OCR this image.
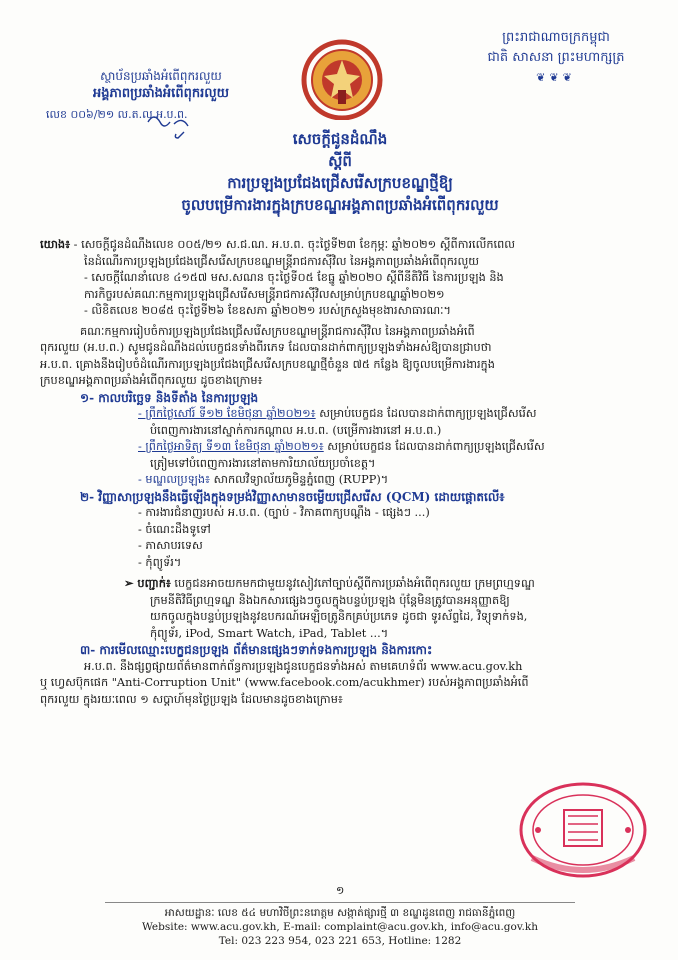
ព្រះរាជាណាចក្រកម្ពុជា
ជាតិ សាសនា ព្រះមហាក្សត្រ
❦❦❦
ស្ថាប័នប្រឆាំងអំពើពុករលួយ
អង្គភាពប្រឆាំងអំពើពុករលួយ
លេខ ០០៦/២១ ល.ត.ល.អ.ប.ព.
សេចក្ដីជូនដំណឹង
ស្ដីពី
ការប្រឡងប្រជែងជ្រើសរើសក្របខណ្ឌថ្មីឱ្យ
ចូលបម្រើការងារក្នុងក្របខណ្ឌអង្គភាពប្រឆាំងអំពើពុករលួយ

យោង៖ - សេចក្ដីជូនដំណឹងលេខ ០០៥/២១ ស.ជ.ណ. អ.ប.ព. ចុះថ្ងៃទី២៣ ខែកុម្ភៈ ឆ្នាំ២០២១ ស្ដីពីការលើកពេល

នៃដំណើរការប្រឡងប្រជែងជ្រើសរើសក្របខណ្ឌមន្ត្រីរាជការស៊ីវិល នៃអង្គភាពប្រឆាំងអំពើពុករលួយ

- សេចក្ដីណែនាំលេខ ៤១៥៧ មស.សណន ចុះថ្ងៃទី០៥ ខែធ្នូ ឆ្នាំ២០២០ ស្ដីពីនីតិវិធី នៃការប្រឡង និង

ការកិច្ចរបស់គណៈកម្មការប្រឡងជ្រើសរើសមន្ត្រីរាជការស៊ីវិលសម្រាប់ក្របខណ្ឌឆ្នាំ២០២១

- លិខិតលេខ ២០៨៥ ចុះថ្ងៃទី២៦ ខែឧសភា ឆ្នាំ២០២១ របស់ក្រសួងមុខងារសាធារណៈ។

គណៈកម្មការរៀបចំការប្រឡងប្រជែងជ្រើសរើសក្របខណ្ឌមន្ត្រីរាជការស៊ីវិល នៃអង្គភាពប្រឆាំងអំពើ

ពុករលួយ (អ.ប.ព.) សូមជូនដំណឹងដល់បេក្ខជនទាំងពីរភេទ ដែលបានដាក់ពាក្យប្រឡងទាំងអស់ឱ្យបានជ្រាបថា

អ.ប.ព. គ្រោងនឹងរៀបចំដំណើរការប្រឡងប្រជែងជ្រើសរើសក្របខណ្ឌថ្មីចំនួន ៧៥ កន្លែង ឱ្យចូលបម្រើការងារក្នុង

ក្របខណ្ឌអង្គភាពប្រឆាំងអំពើពុករលួយ ដូចខាងក្រោម៖

១- កាលបរិច្ឆេទ និងទីតាំង នៃការប្រឡង

- ព្រឹកថ្ងៃសៅរ៍ ទី១២ ខែមិថុនា ឆ្នាំ២០២១៖ សម្រាប់បេក្ខជន ដែលបានដាក់ពាក្យប្រឡងជ្រើសរើស

បំពេញការងារនៅស្នាក់ការកណ្ដាល អ.ប.ព. (បម្រើការងារនៅ អ.ប.ព.)

- ព្រឹកថ្ងៃអាទិត្យ ទី១៣ ខែមិថុនា ឆ្នាំ២០២១៖ សម្រាប់បេក្ខជន ដែលបានដាក់ពាក្យប្រឡងជ្រើសរើស

ត្រៀមទៅបំពេញការងារនៅតាមការិយាល័យប្រចាំខេត្ត។

- មណ្ឌលប្រឡង៖ សាកលវិទ្យាល័យភូមិន្ទភ្នំពេញ (RUPP)។

២- វិញ្ញាសាប្រឡងនឹងធ្វើឡើងក្នុងទម្រង់វិញ្ញាសាមានចម្លើយជ្រើសរើស (QCM) ដោយផ្ដោតលើ៖

- ការងារជំនាញរបស់ អ.ប.ព. (ច្បាប់ - វិភាគពាក្យបណ្ដឹង - ផ្សេងៗ ...)

- ចំណេះដឹងទូទៅ

- ភាសាបរទេស

- កុំព្យូទ័រ។

➢ បញ្ជាក់៖ បេក្ខជនអាចយកមកជាមួយនូវសៀវភៅច្បាប់ស្ដីពីការប្រឆាំងអំពើពុករលួយ ក្រមព្រហ្មទណ្ឌ

ក្រមនីតិវិធីព្រហ្មទណ្ឌ និងឯកសារផ្សេងៗចូលក្នុងបន្ទប់ប្រឡង ប៉ុន្តែមិនត្រូវបានអនុញ្ញាតឱ្យ

យកចូលក្នុងបន្ទប់ប្រឡងនូវឧបករណ៍អេឡិចត្រូនិកគ្រប់ប្រភេទ ដូចជា ទូរស័ព្ទដៃ, វិទ្យុទាក់ទង,

កុំព្យូទ័រ, iPod, Smart Watch, iPad, Tablet ...។

៣- ការមើលឈ្មោះបេក្ខជនប្រឡង ព័ត៌មានផ្សេងៗទាក់ទងការប្រឡង និងការកោះ

អ.ប.ព. នឹងផ្សព្វផ្សាយព័ត៌មានពាក់ព័ន្ធការប្រឡងជូនបេក្ខជនទាំងអស់ តាមគេហទំព័រ www.acu.gov.kh

ឬ ហ្វេសប៊ុកផេក "Anti-Corruption Unit" (www.facebook.com/acukhmer) របស់អង្គភាពប្រឆាំងអំពើ

ពុករលួយ ក្នុងរយៈពេល ១ សប្ដាហ៍មុនថ្ងៃប្រឡង ដែលមានដូចខាងក្រោម៖

១
អាសយដ្ឋានៈ លេខ ៥៤ មហាវិថីព្រះនរោត្តម សង្កាត់ផ្សារថ្មី ៣ ខណ្ឌដូនពេញ រាជធានីភ្នំពេញ
Website: www.acu.gov.kh, E-mail: complaint@acu.gov.kh, info@acu.gov.kh
Tel: 023 223 954, 023 221 653, Hotline: 1282
